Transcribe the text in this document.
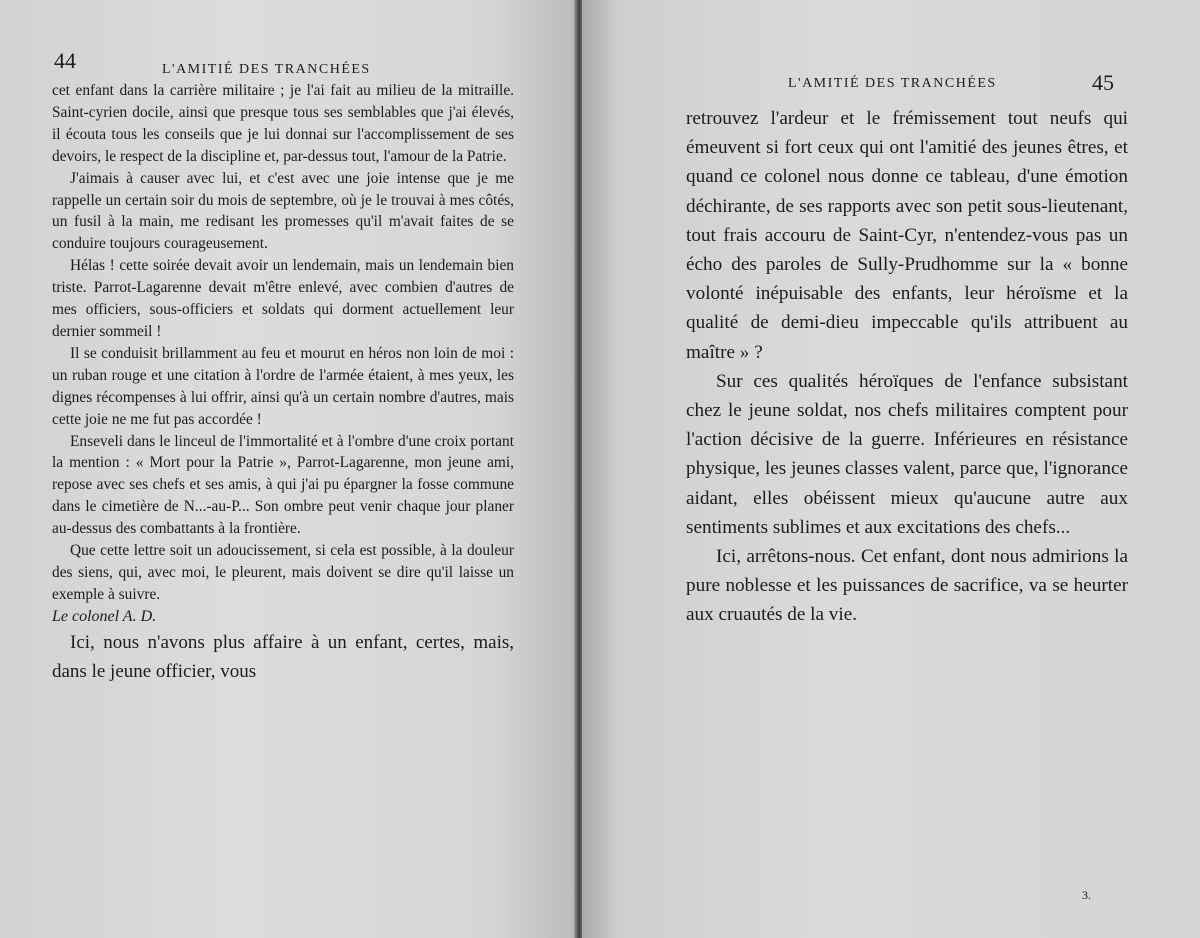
44	L'AMITIÉ DES TRANCHÉES

cet enfant dans la carrière militaire ; je l'ai fait au milieu de la mitraille. Saint-cyrien docile, ainsi que presque tous ses semblables que j'ai élevés, il écouta tous les conseils que je lui donnai sur l'accomplissement de ses devoirs, le respect de la discipline et, par-dessus tout, l'amour de la Patrie.

J'aimais à causer avec lui, et c'est avec une joie intense que je me rappelle un certain soir du mois de septembre, où je le trouvai à mes côtés, un fusil à la main, me redisant les promesses qu'il m'avait faites de se conduire toujours courageusement.

Hélas ! cette soirée devait avoir un lendemain, mais un lendemain bien triste. Parrot-Lagarenne devait m'être enlevé, avec combien d'autres de mes officiers, sous-officiers et soldats qui dorment actuellement leur dernier sommeil !

Il se conduisit brillamment au feu et mourut en héros non loin de moi : un ruban rouge et une citation à l'ordre de l'armée étaient, à mes yeux, les dignes récompenses à lui offrir, ainsi qu'à un certain nombre d'autres, mais cette joie ne me fut pas accordée !

Enseveli dans le linceul de l'immortalité et à l'ombre d'une croix portant la mention : « Mort pour la Patrie », Parrot-Lagarenne, mon jeune ami, repose avec ses chefs et ses amis, à qui j'ai pu épargner la fosse commune dans le cimetière de N...-au-P... Son ombre peut venir chaque jour planer au-dessus des combattants à la frontière.

Que cette lettre soit un adoucissement, si cela est possible, à la douleur des siens, qui, avec moi, le pleurent, mais doivent se dire qu'il laisse un exemple à suivre.

Le colonel A. D.

Ici, nous n'avons plus affaire à un enfant, certes, mais, dans le jeune officier, vous

L'AMITIÉ DES TRANCHÉES	45

retrouvez l'ardeur et le frémissement tout neufs qui émeuvent si fort ceux qui ont l'amitié des jeunes êtres, et quand ce colonel nous donne ce tableau, d'une émotion déchirante, de ses rapports avec son petit sous-lieutenant, tout frais accouru de Saint-Cyr, n'entendez-vous pas un écho des paroles de Sully-Prudhomme sur la « bonne volonté inépuisable des enfants, leur héroïsme et la qualité de demi-dieu impeccable qu'ils attribuent au maître » ?

Sur ces qualités héroïques de l'enfance subsistant chez le jeune soldat, nos chefs militaires comptent pour l'action décisive de la guerre. Inférieures en résistance physique, les jeunes classes valent, parce que, l'ignorance aidant, elles obéissent mieux qu'aucune autre aux sentiments sublimes et aux excitations des chefs...

Ici, arrêtons-nous. Cet enfant, dont nous admirions la pure noblesse et les puissances de sacrifice, va se heurter aux cruautés de la vie.

3.
